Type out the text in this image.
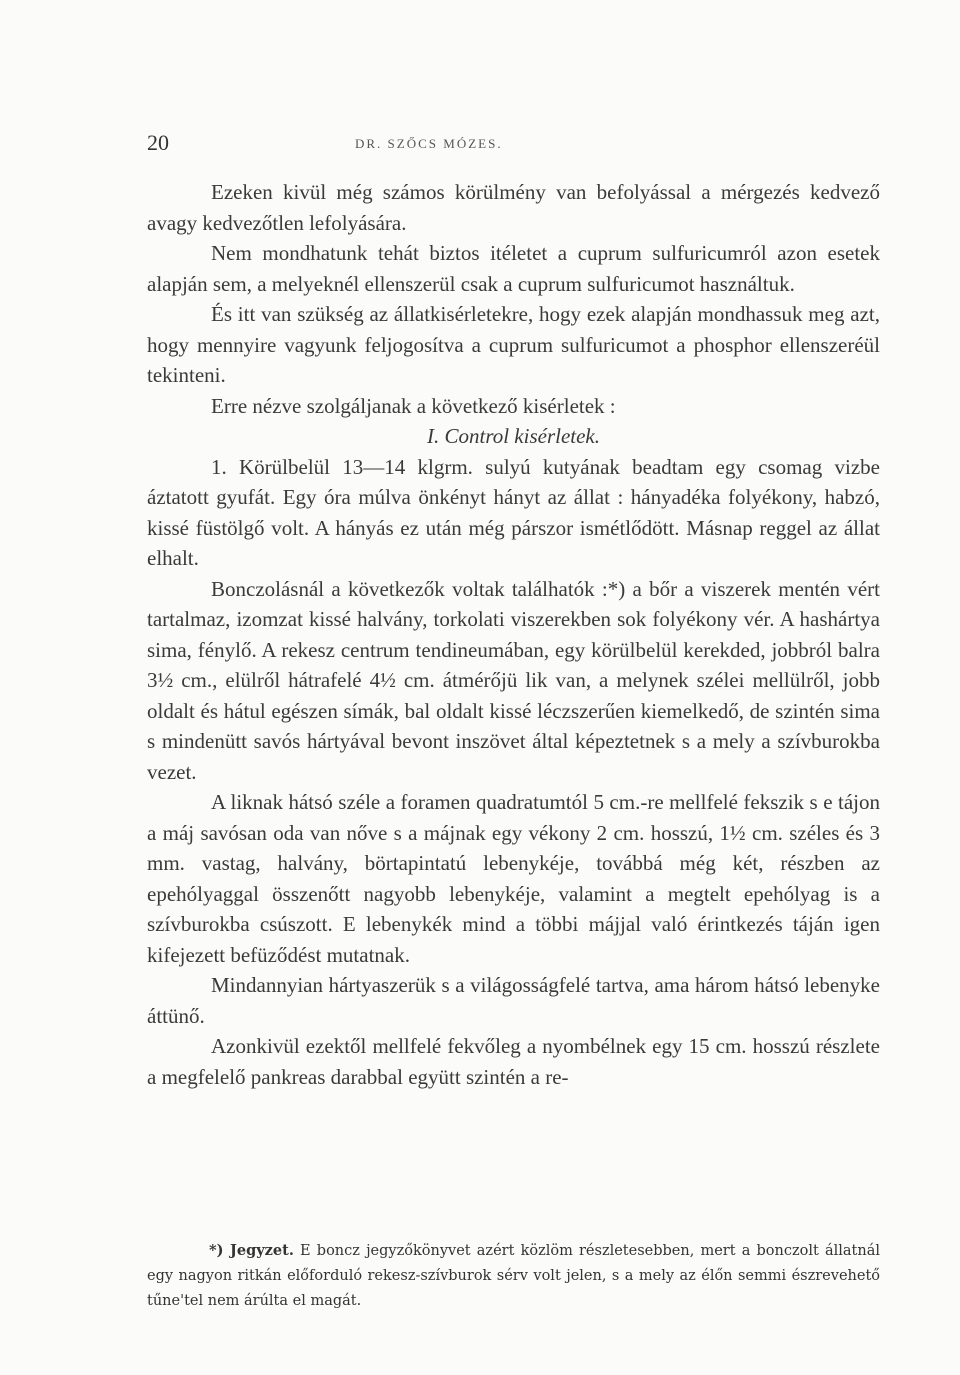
20	DR. SZŐCS MÓZES.

Ezeken kivül még számos körülmény van befolyással a mérgezés kedvező avagy kedvezőtlen lefolyására.

Nem mondhatunk tehát biztos itéletet a cuprum sulfuricumról azon esetek alapján sem, a melyeknél ellenszerül csak a cuprum sulfuricumot használtuk.

És itt van szükség az állatkisérletekre, hogy ezek alapján mondhassuk meg azt, hogy mennyire vagyunk feljogosítva a cuprum sulfuricumot a phosphor ellenszeréül tekinteni.

Erre nézve szolgáljanak a következő kisérletek :

I. Control kisérletek.

1. Körülbelül 13—14 klgrm. sulyú kutyának beadtam egy csomag vizbe áztatott gyufát. Egy óra múlva önkényt hányt az állat : hányadéka folyékony, habzó, kissé füstölgő volt. A hányás ez után még párszor ismétlődött. Másnap reggel az állat elhalt.

Bonczolásnál a következők voltak találhatók :*) a bőr a viszerek mentén vért tartalmaz, izomzat kissé halvány, torkolati viszerekben sok folyékony vér. A hashártya sima, fénylő. A rekesz centrum tendineumában, egy körülbelül kerekded, jobbról balra 3½ cm., elülről hátrafelé 4½ cm. átmérőjü lik van, a melynek szélei mellülről, jobb oldalt és hátul egészen símák, bal oldalt kissé léczszerűen kiemelkedő, de szintén sima s mindenütt savós hártyával bevont inszövet által képeztetnek s a mely a szívburokba vezet.

A liknak hátsó széle a foramen quadratumtól 5 cm.-re mellfelé fekszik s e tájon a máj savósan oda van nőve s a májnak egy vékony 2 cm. hosszú, 1½ cm. széles és 3 mm. vastag, halvány, börtapintatú lebenykéje, továbbá még két, részben az epehólyaggal összenőtt nagyobb lebenykéje, valamint a megtelt epehólyag is a szívburokba csúszott. E lebenykék mind a többi májjal való érintkezés táján igen kifejezett befüződést mutatnak.

Mindannyian hártyaszerük s a világosságfelé tartva, ama három hátsó lebenyke áttünő.

Azonkivül ezektől mellfelé fekvőleg a nyombélnek egy 15 cm. hosszú részlete a megfelelő pankreas darabbal együtt szintén a re-

*) Jegyzet. E boncz jegyzőkönyvet azért közlöm részletesebben, mert a bonczolt állatnál egy nagyon ritkán előforduló rekesz-szívburok sérv volt jelen, s a mely az élőn semmi észrevehető tűne'tel nem árúlta el magát.
